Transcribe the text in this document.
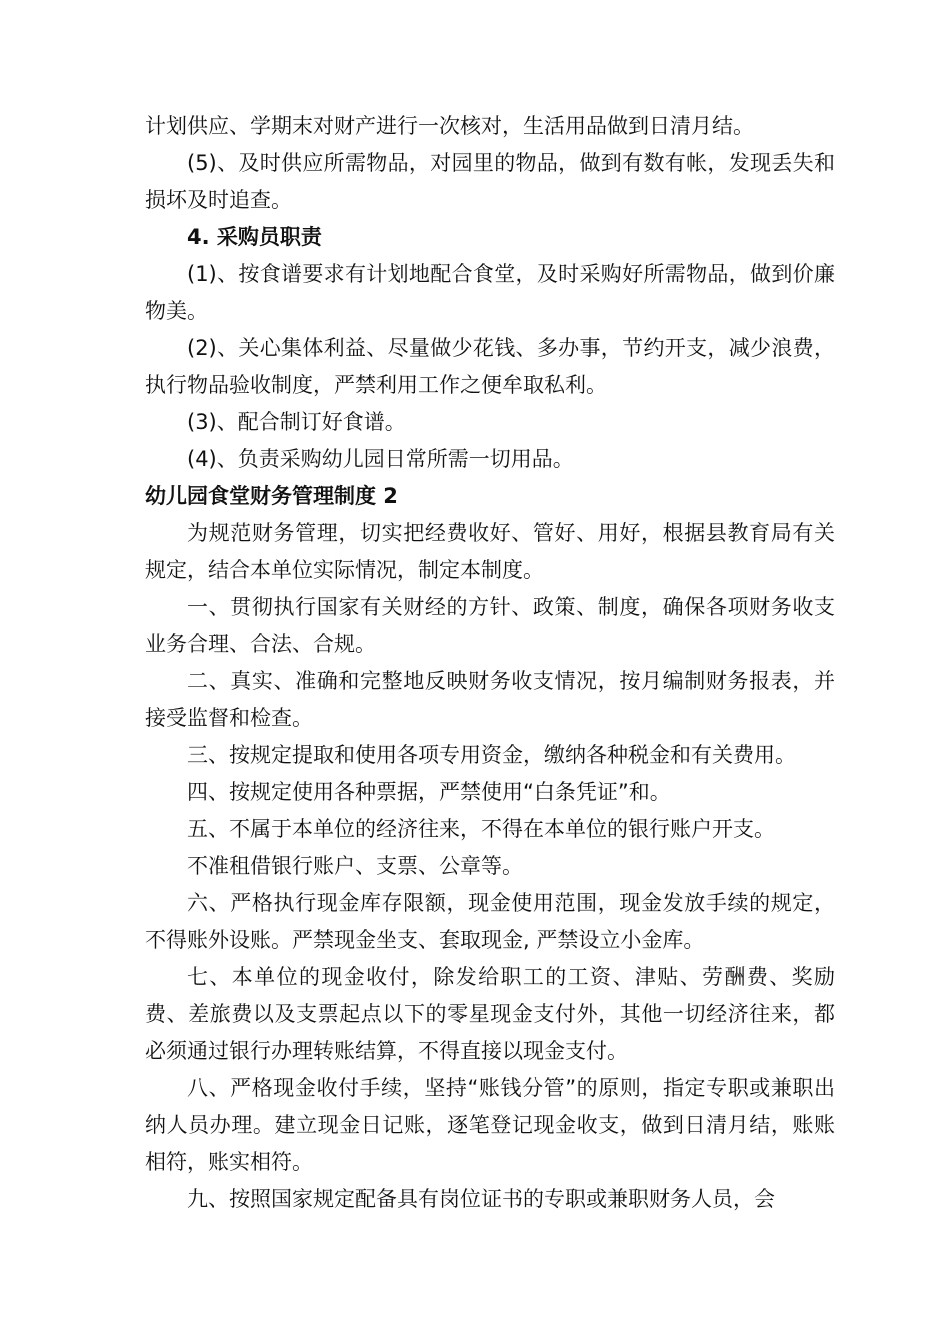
计划供应、学期末对财产进行一次核对，生活用品做到日清月结。

(5)、及时供应所需物品，对园里的物品，做到有数有帐，发现丢失和损坏及时追查。

4. 采购员职责

(1)、按食谱要求有计划地配合食堂，及时采购好所需物品，做到价廉物美。

(2)、关心集体利益、尽量做少花钱、多办事，节约开支，减少浪费，执行物品验收制度，严禁利用工作之便牟取私利。

(3)、配合制订好食谱。

(4)、负责采购幼儿园日常所需一切用品。

幼儿园食堂财务管理制度 2

为规范财务管理，切实把经费收好、管好、用好，根据县教育局有关规定，结合本单位实际情况，制定本制度。

一、贯彻执行国家有关财经的方针、政策、制度，确保各项财务收支业务合理、合法、合规。

二、真实、准确和完整地反映财务收支情况，按月编制财务报表，并接受监督和检查。

三、按规定提取和使用各项专用资金，缴纳各种税金和有关费用。

四、按规定使用各种票据，严禁使用“白条凭证”和。

五、不属于本单位的经济往来，不得在本单位的银行账户开支。

不准租借银行账户、支票、公章等。

六、严格执行现金库存限额，现金使用范围，现金发放手续的规定，不得账外设账。严禁现金坐支、套取现金, 严禁设立小金库。

七、本单位的现金收付，除发给职工的工资、津贴、劳酬费、奖励费、差旅费以及支票起点以下的零星现金支付外，其他一切经济往来，都必须通过银行办理转账结算，不得直接以现金支付。

八、严格现金收付手续，坚持“账钱分管”的原则，指定专职或兼职出纳人员办理。建立现金日记账，逐笔登记现金收支，做到日清月结，账账相符，账实相符。

九、按照国家规定配备具有岗位证书的专职或兼职财务人员，会
